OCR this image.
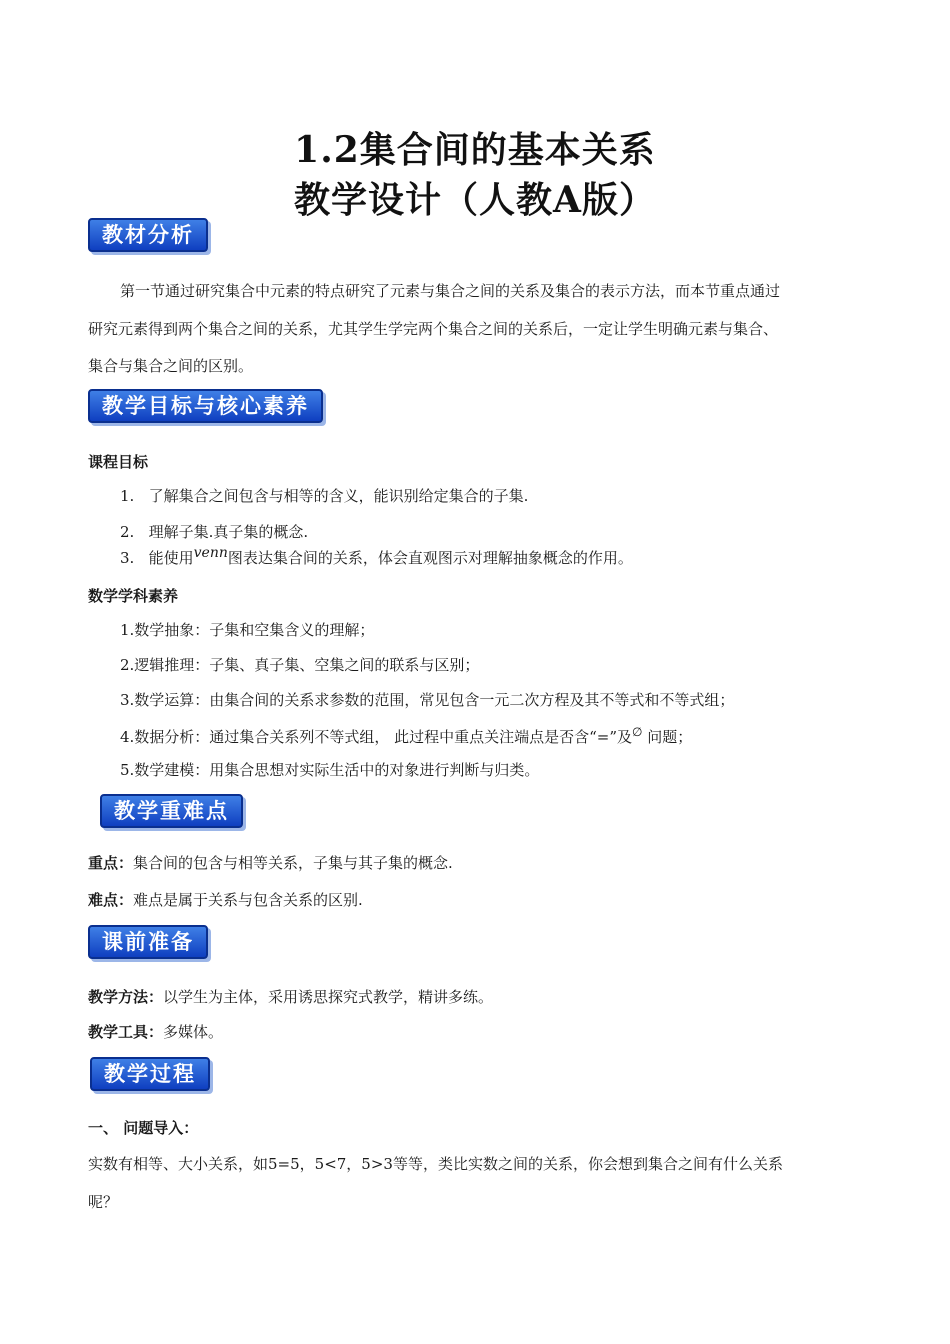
1.2集合间的基本关系
教学设计（人教A版）
教材分析
第一节通过研究集合中元素的特点研究了元素与集合之间的关系及集合的表示方法，而本节重点通过
研究元素得到两个集合之间的关系，尤其学生学完两个集合之间的关系后，一定让学生明确元素与集合、
集合与集合之间的区别。
教学目标与核心素养
课程目标
1. 了解集合之间包含与相等的含义，能识别给定集合的子集.
2. 理解子集.真子集的概念.
3. 能使用venn图表达集合间的关系，体会直观图示对理解抽象概念的作用。
数学学科素养
1.数学抽象：子集和空集含义的理解；
2.逻辑推理：子集、真子集、空集之间的联系与区别；
3.数学运算：由集合间的关系求参数的范围，常见包含一元二次方程及其不等式和不等式组；
4.数据分析：通过集合关系列不等式组， 此过程中重点关注端点是否含“=”及∅ 问题；
5.数学建模：用集合思想对实际生活中的对象进行判断与归类。
教学重难点
重点：集合间的包含与相等关系，子集与其子集的概念.
难点：难点是属于关系与包含关系的区别.
课前准备
教学方法：以学生为主体，采用诱思探究式教学，精讲多练。
教学工具：多媒体。
教学过程
一、 问题导入：
实数有相等、大小关系，如5=5，5<7，5>3等等，类比实数之间的关系，你会想到集合之间有什么关系
呢？
